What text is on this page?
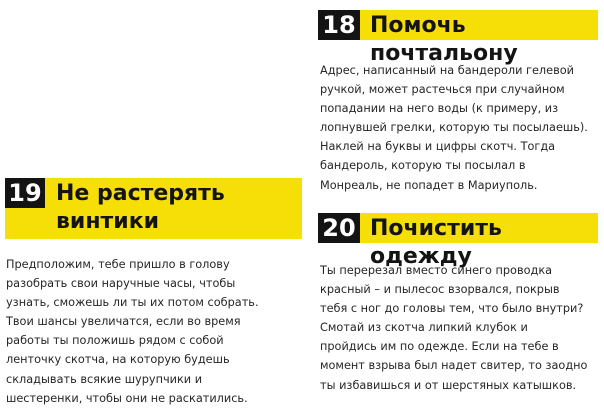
18 Помочь почтальону

Адрес, написанный на бандероли гелевой
ручкой, может растечься при случайном
попадании на него воды (к примеру, из
лопнувшей грелки, которую ты посылаешь).
Наклей на буквы и цифры скотч. Тогда
бандероль, которую ты посылал в
Монреаль, не попадет в Мариуполь.

19 Не растерять
винтики

Предположим, тебе пришло в голову
разобрать свои наручные часы, чтобы
узнать, сможешь ли ты их потом собрать.
Твои шансы увеличатся, если во время
работы ты положишь рядом с собой
ленточку скотча, на которую будешь
складывать всякие шурупчики и
шестеренки, чтобы они не раскатились.

20 Почистить одежду

Ты перерезал вместо синего проводка
красный – и пылесос взорвался, покрыв
тебя с ног до головы тем, что было внутри?
Смотай из скотча липкий клубок и
пройдись им по одежде. Если на тебе в
момент взрыва был надет свитер, то заодно
ты избавишься и от шерстяных катышков.
